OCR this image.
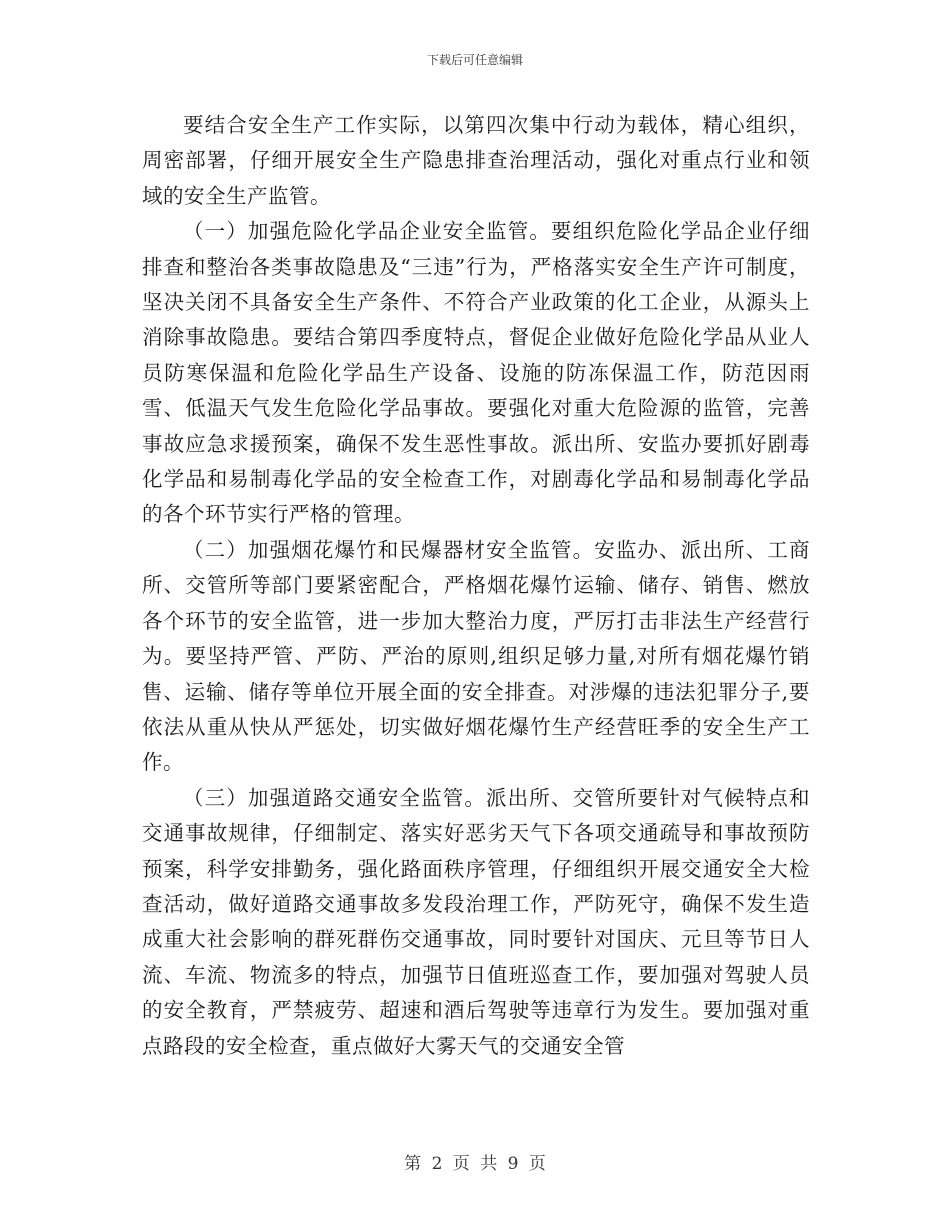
下载后可任意编辑

要结合安全生产工作实际，以第四次集中行动为载体，精心组织，周密部署，仔细开展安全生产隐患排查治理活动，强化对重点行业和领域的安全生产监管。

（一）加强危险化学品企业安全监管。要组织危险化学品企业仔细排查和整治各类事故隐患及“三违”行为，严格落实安全生产许可制度，坚决关闭不具备安全生产条件、不符合产业政策的化工企业，从源头上消除事故隐患。要结合第四季度特点，督促企业做好危险化学品从业人员防寒保温和危险化学品生产设备、设施的防冻保温工作，防范因雨雪、低温天气发生危险化学品事故。要强化对重大危险源的监管，完善事故应急求援预案，确保不发生恶性事故。派出所、安监办要抓好剧毒化学品和易制毒化学品的安全检查工作，对剧毒化学品和易制毒化学品的各个环节实行严格的管理。

（二）加强烟花爆竹和民爆器材安全监管。安监办、派出所、工商所、交管所等部门要紧密配合，严格烟花爆竹运输、储存、销售、燃放各个环节的安全监管，进一步加大整治力度，严厉打击非法生产经营行为。要坚持严管、严防、严治的原则,组织足够力量,对所有烟花爆竹销售、运输、储存等单位开展全面的安全排查。对涉爆的违法犯罪分子,要依法从重从快从严惩处，切实做好烟花爆竹生产经营旺季的安全生产工作。

（三）加强道路交通安全监管。派出所、交管所要针对气候特点和交通事故规律，仔细制定、落实好恶劣天气下各项交通疏导和事故预防预案，科学安排勤务，强化路面秩序管理，仔细组织开展交通安全大检查活动，做好道路交通事故多发段治理工作，严防死守，确保不发生造成重大社会影响的群死群伤交通事故，同时要针对国庆、元旦等节日人流、车流、物流多的特点，加强节日值班巡查工作，要加强对驾驶人员的安全教育，严禁疲劳、超速和酒后驾驶等违章行为发生。要加强对重点路段的安全检查，重点做好大雾天气的交通安全管

第 2 页 共 9 页
